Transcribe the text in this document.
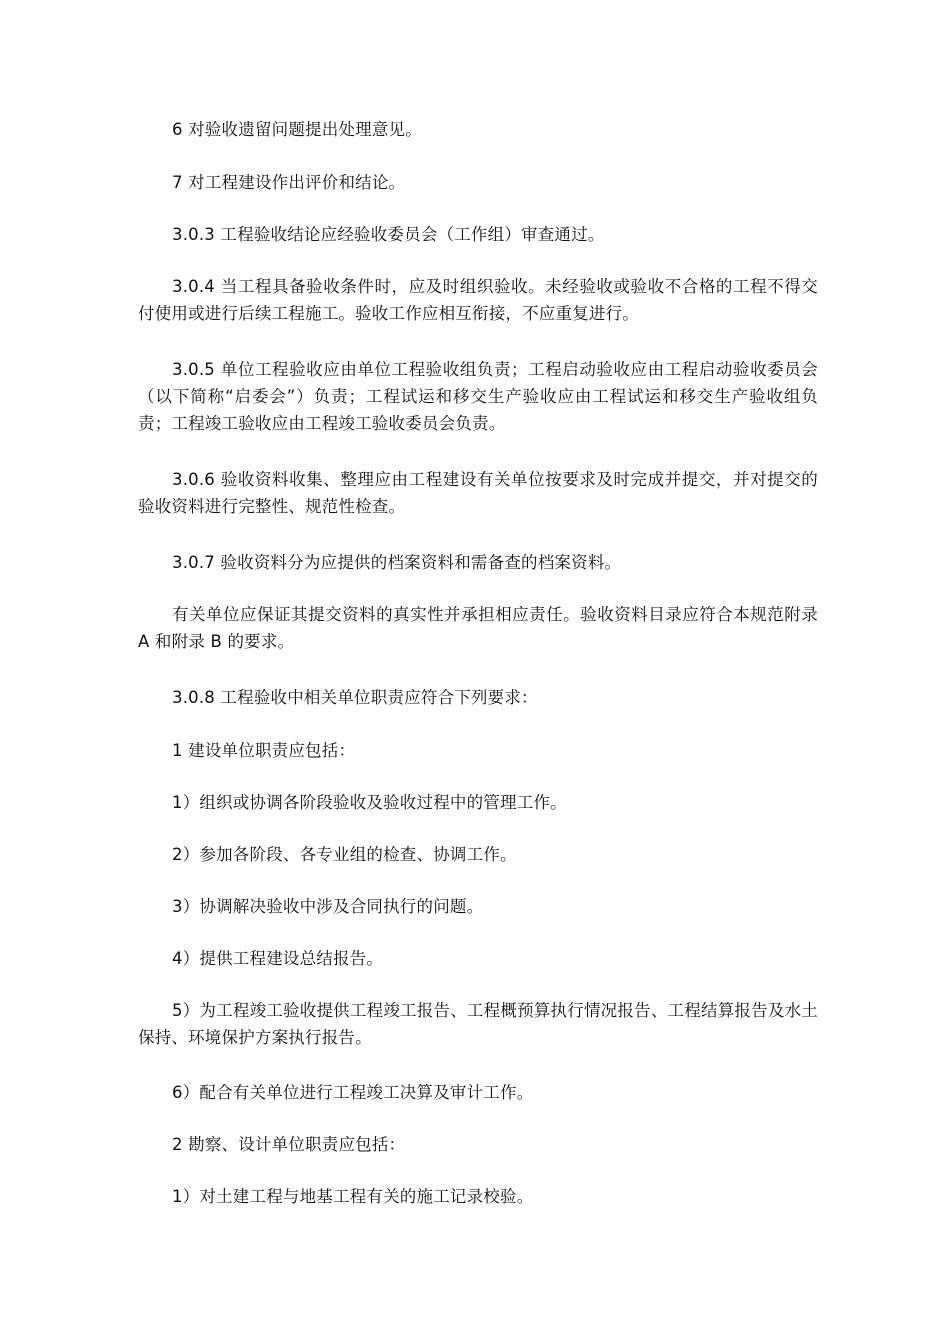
6 对验收遗留问题提出处理意见。

7 对工程建设作出评价和结论。

3.0.3 工程验收结论应经验收委员会（工作组）审查通过。

3.0.4 当工程具备验收条件时，应及时组织验收。未经验收或验收不合格的工程不得交付使用或进行后续工程施工。验收工作应相互衔接，不应重复进行。

3.0.5 单位工程验收应由单位工程验收组负责；工程启动验收应由工程启动验收委员会（以下简称“启委会”）负责；工程试运和移交生产验收应由工程试运和移交生产验收组负责；工程竣工验收应由工程竣工验收委员会负责。

3.0.6 验收资料收集、整理应由工程建设有关单位按要求及时完成并提交，并对提交的验收资料进行完整性、规范性检查。

3.0.7 验收资料分为应提供的档案资料和需备查的档案资料。

有关单位应保证其提交资料的真实性并承担相应责任。验收资料目录应符合本规范附录 A 和附录 B 的要求。

3.0.8 工程验收中相关单位职责应符合下列要求：

1 建设单位职责应包括：

1）组织或协调各阶段验收及验收过程中的管理工作。

2）参加各阶段、各专业组的检查、协调工作。

3）协调解决验收中涉及合同执行的问题。

4）提供工程建设总结报告。

5）为工程竣工验收提供工程竣工报告、工程概预算执行情况报告、工程结算报告及水土保持、环境保护方案执行报告。

6）配合有关单位进行工程竣工决算及审计工作。

2 勘察、设计单位职责应包括：

1）对土建工程与地基工程有关的施工记录校验。
